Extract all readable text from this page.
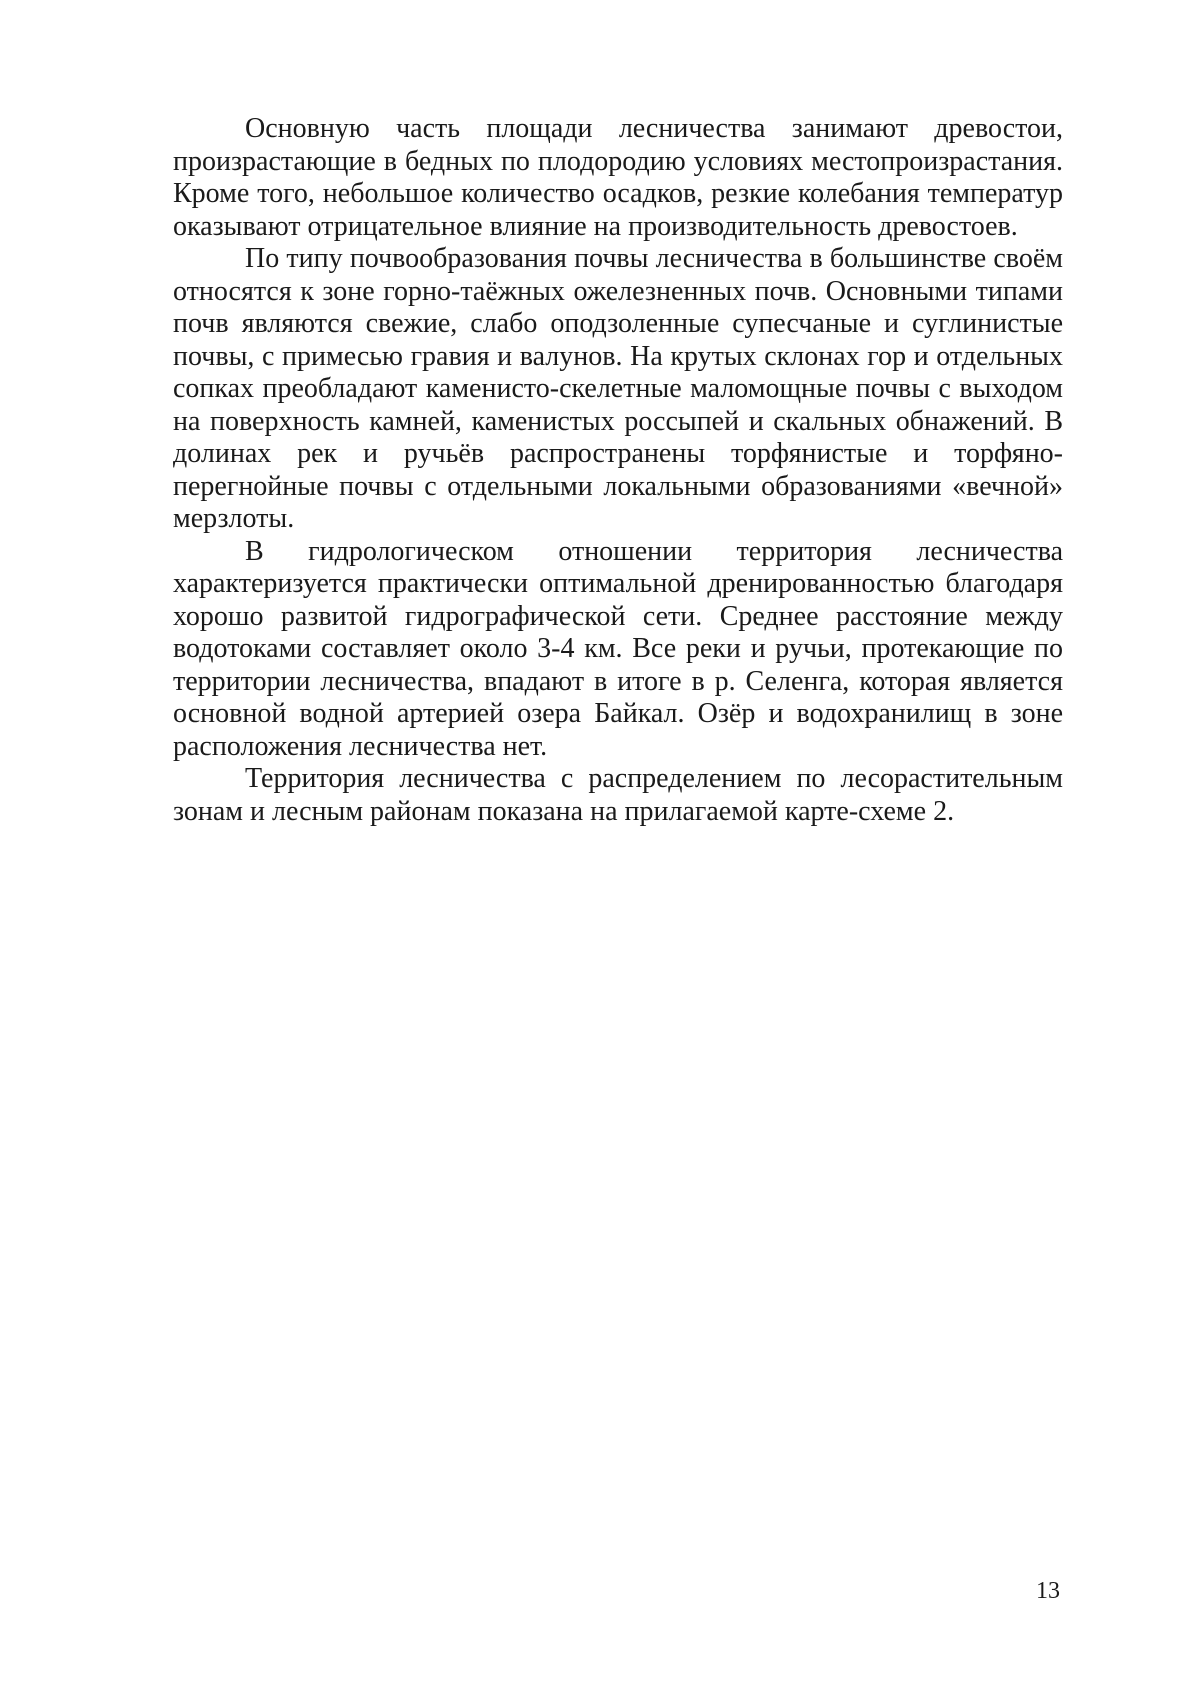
Основную часть площади лесничества занимают древостои, произрастающие в бедных по плодородию условиях местопроизрастания. Кроме того, небольшое количество осадков, резкие колебания температур оказывают отрицательное влияние на производительность древостоев.

По типу почвообразования почвы лесничества в большинстве своём относятся к зоне горно-таёжных ожелезненных почв. Основными типами почв являются свежие, слабо оподзоленные супесчаные и суглинистые почвы, с примесью гравия и валунов. На крутых склонах гор и отдельных сопках преобладают каменисто-скелетные маломощные почвы с выходом на поверхность камней, каменистых россыпей и скальных обнажений. В долинах рек и ручьёв распространены торфянистые и торфяно-перегнойные почвы с отдельными локальными образованиями «вечной» мерзлоты.

В гидрологическом отношении территория лесничества характеризуется практически оптимальной дренированностью благодаря хорошо развитой гидрографической сети. Среднее расстояние между водотоками составляет около 3-4 км. Все реки и ручьи, протекающие по территории лесничества, впадают в итоге в р. Селенга, которая является основной водной артерией озера Байкал. Озёр и водохранилищ в зоне расположения лесничества нет.

Территория лесничества с распределением по лесорастительным зонам и лесным районам показана на прилагаемой карте-схеме 2.

13
